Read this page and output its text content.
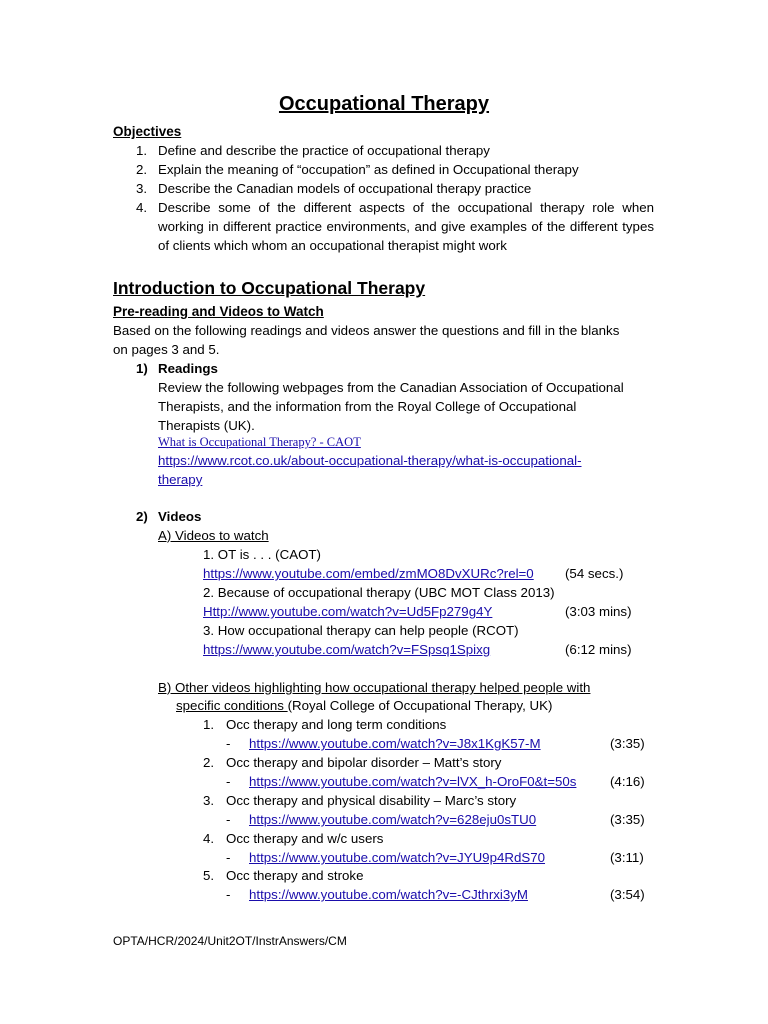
Occupational Therapy
Objectives
1. Define and describe the practice of occupational therapy
2. Explain the meaning of “occupation” as defined in Occupational therapy
3. Describe the Canadian models of occupational therapy practice
4. Describe some of the different aspects of the occupational therapy role when working in different practice environments, and give examples of the different types of clients which whom an occupational therapist might work
Introduction to Occupational Therapy
Pre-reading and Videos to Watch
Based on the following readings and videos answer the questions and fill in the blanks
on pages 3 and 5.
1) Readings
Review the following webpages from the Canadian Association of Occupational
Therapists, and the information from the Royal College of Occupational
Therapists (UK).
What is Occupational Therapy? - CAOT
https://www.rcot.co.uk/about-occupational-therapy/what-is-occupational-
therapy
2) Videos
A) Videos to watch
1. OT is . . . (CAOT)
https://www.youtube.com/embed/zmMO8DvXURc?rel=0 (54 secs.)
2. Because of occupational therapy (UBC MOT Class 2013)
Http://www.youtube.com/watch?v=Ud5Fp279g4Y	(3:03 mins)
3. How occupational therapy can help people (RCOT)
https://www.youtube.com/watch?v=FSpsq1Spixg	(6:12 mins)
B) Other videos highlighting how occupational therapy helped people with
specific conditions (Royal College of Occupational Therapy, UK)
1. Occ therapy and long term conditions
- https://www.youtube.com/watch?v=J8x1KgK57-M	(3:35)
2. Occ therapy and bipolar disorder – Matt’s story
- https://www.youtube.com/watch?v=lVX_h-OroF0&t=50s	(4:16)
3. Occ therapy and physical disability – Marc’s story
- https://www.youtube.com/watch?v=628eju0sTU0	(3:35)
4. Occ therapy and w/c users
- https://www.youtube.com/watch?v=JYU9p4RdS70	(3:11)
5. Occ therapy and stroke
- https://www.youtube.com/watch?v=-CJthrxi3yM	(3:54)
OPTA/HCR/2024/Unit2OT/InstrAnswers/CM
